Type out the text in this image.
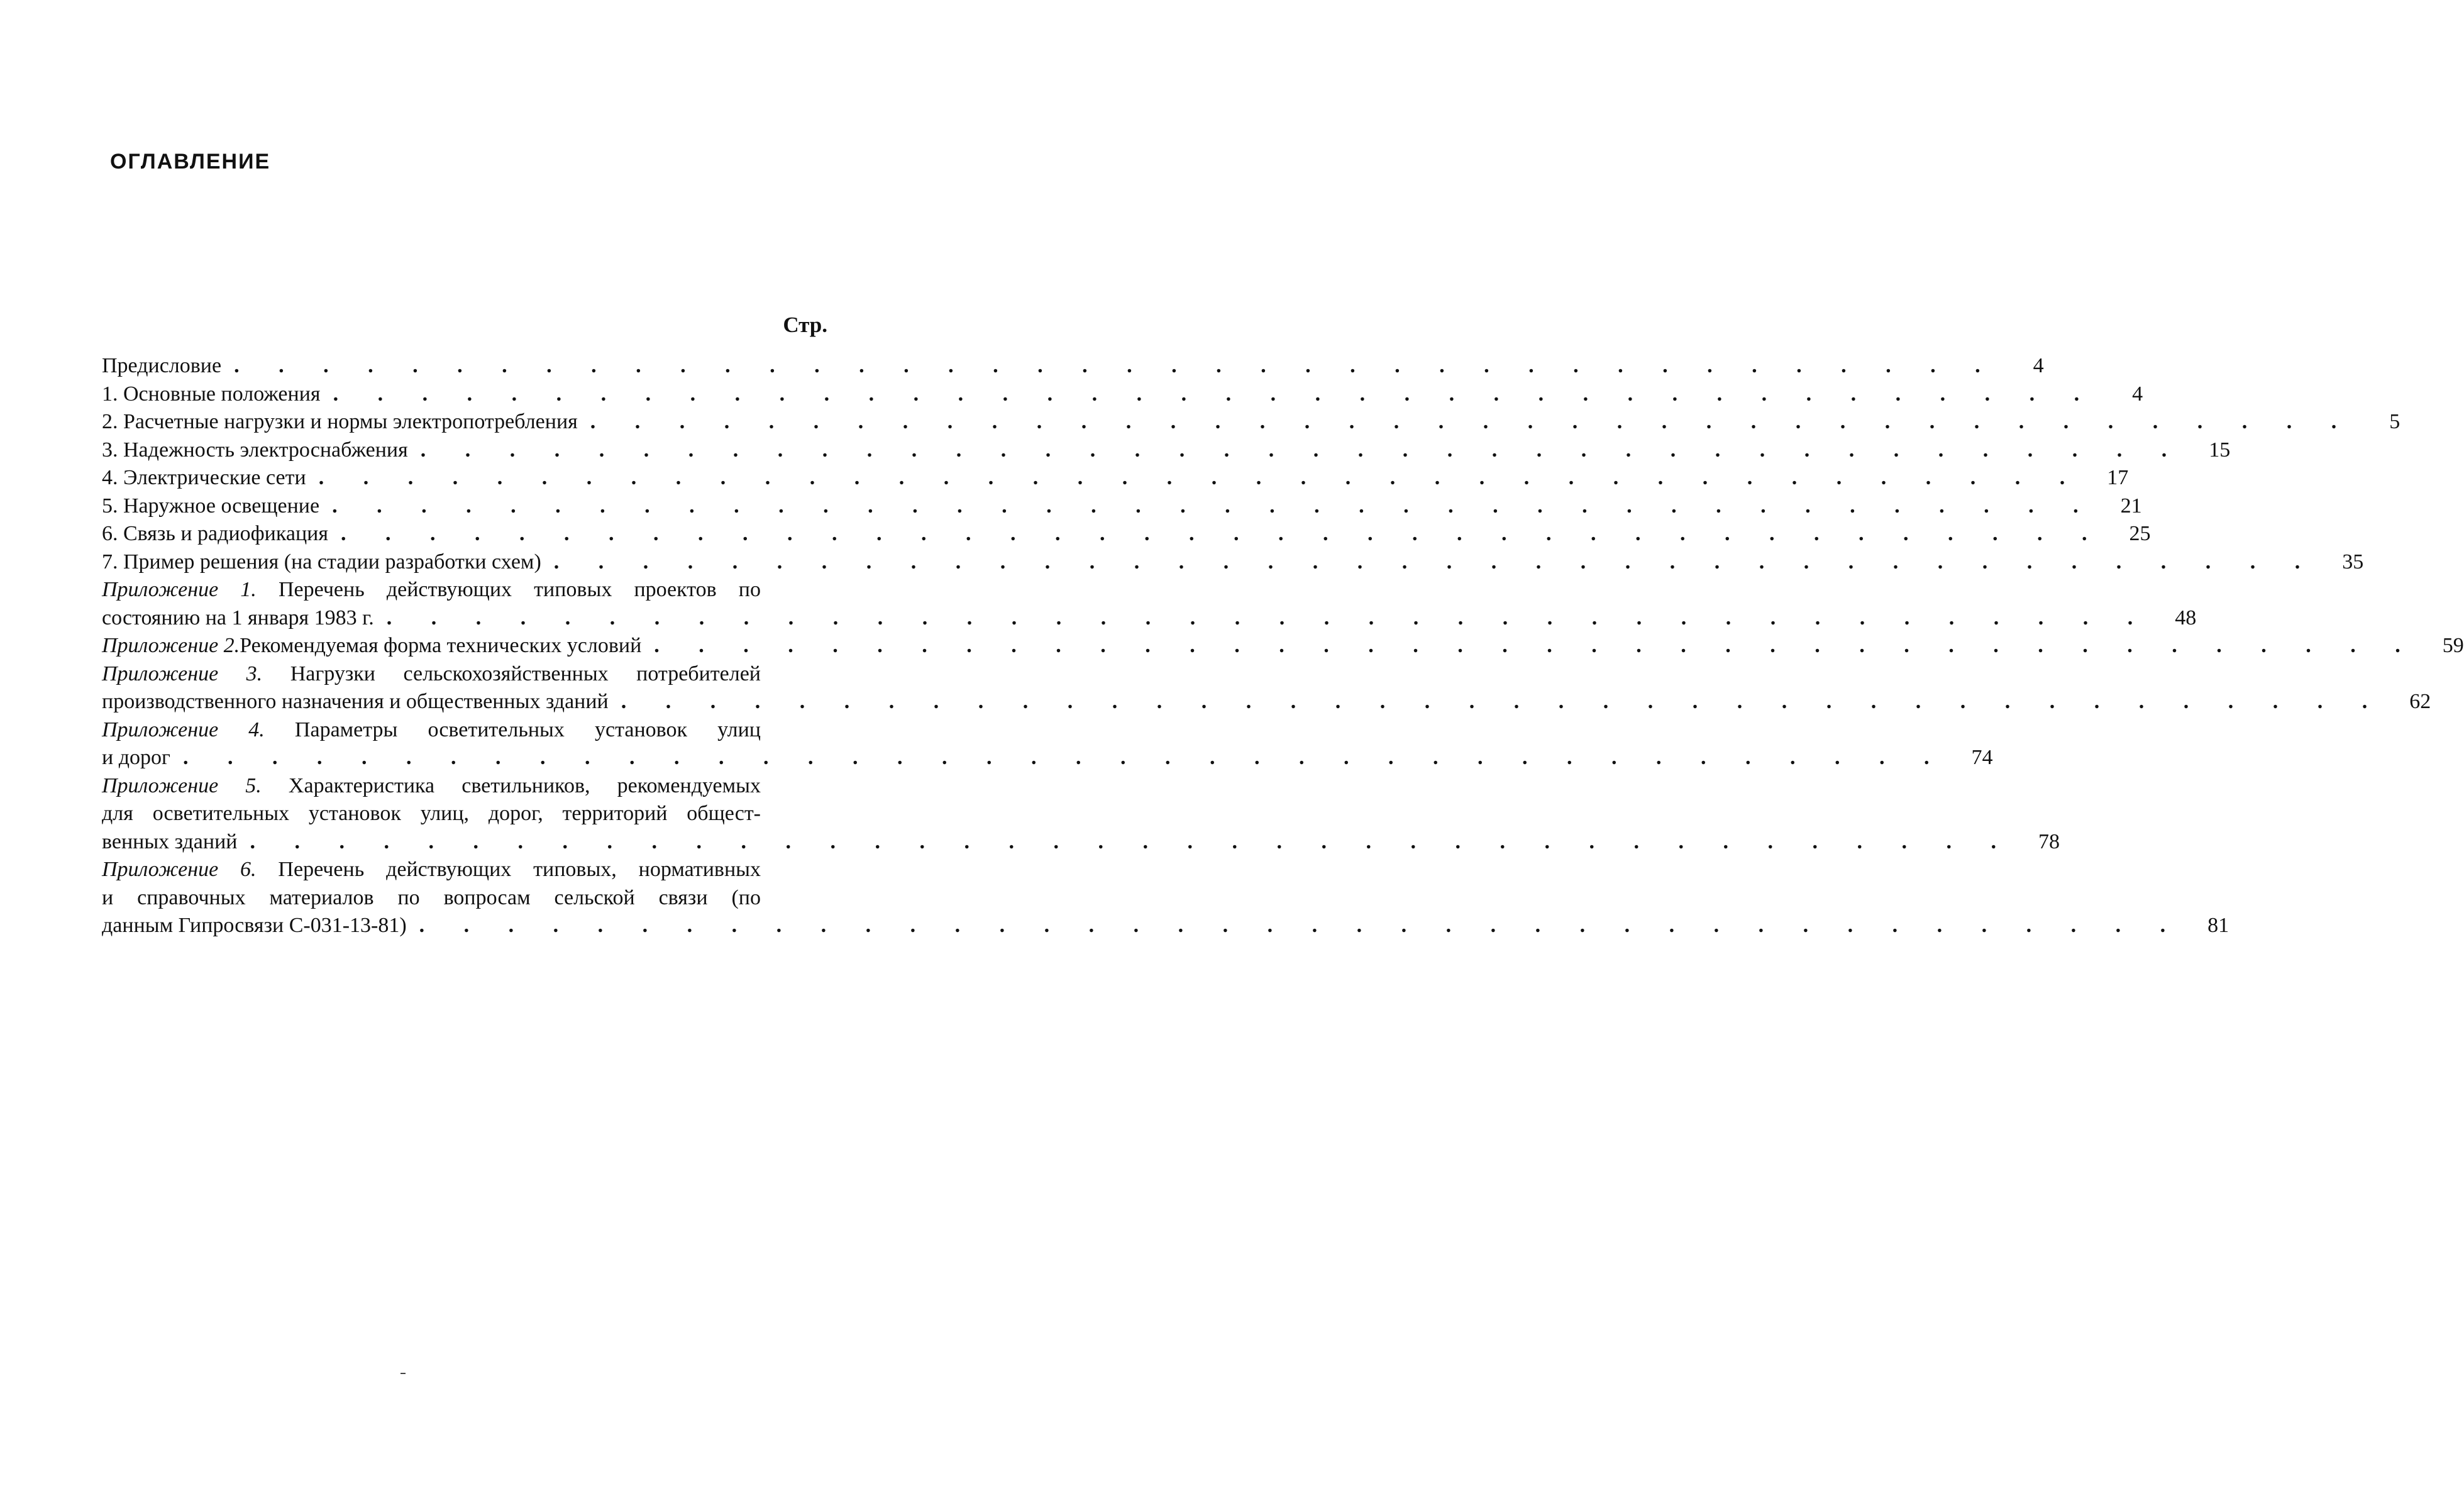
ОГЛАВЛЕНИЕ
Стр.
Предисловие . . . . . . . . . . . . . . . . . . . . . . . . . . . . . . . . . . . . . . . .	4
1. Основные положения . . . . . . . . . . . . . . . . . . . . . . . . . . . . . . . . . . . . . . . .	4
2. Расчетные нагрузки и нормы электропотребления . . . . . . . . . . . . . . . . . . . . . . . . . . . . . . . . . . . . . . . .	5
3. Надежность электроснабжения . . . . . . . . . . . . . . . . . . . . . . . . . . . . . . . . . . . . . . . .	15
4. Электрические сети . . . . . . . . . . . . . . . . . . . . . . . . . . . . . . . . . . . . . . . .	17
5. Наружное освещение . . . . . . . . . . . . . . . . . . . . . . . . . . . . . . . . . . . . . . . .	21
6. Связь и радиофикация . . . . . . . . . . . . . . . . . . . . . . . . . . . . . . . . . . . . . . . .	25
7. Пример решения (на стадии разработки схем) . . . . . . . . . . . . . . . . . . . . . . . . . . . . . . . . . . . . . . . .	35
Приложение 1. Перечень действующих типовых проектов по
состоянию на 1 января 1983 г. . . . . . . . . . . . . . . . . . . . . . . . . . . . . . . . . . . . . . . . .	48
Приложение 2. Рекомендуемая форма технических условий . . . . . . . . . . . . . . . . . . . . . . . . . . . . . . . . . . . . . . . .	59
Приложение 3. Нагрузки сельскохозяйственных потребителей
производственного назначения и общественных зданий . . . . . . . . . . . . . . . . . . . . . . . . . . . . . . . . . . . . . . . .	62
Приложение 4. Параметры осветительных установок улиц
и дорог . . . . . . . . . . . . . . . . . . . . . . . . . . . . . . . . . . . . . . . .	74
Приложение 5. Характеристика светильников, рекомендуемых
для осветительных установок улиц, дорог, территорий общест-
венных зданий . . . . . . . . . . . . . . . . . . . . . . . . . . . . . . . . . . . . . . . .	78
Приложение 6. Перечень действующих типовых, нормативных
и справочных материалов по вопросам сельской связи (по
данным Гипросвязи С-031-13-81) . . . . . . . . . . . . . . . . . . . . . . . . . . . . . . . . . . . . . . . .	81
